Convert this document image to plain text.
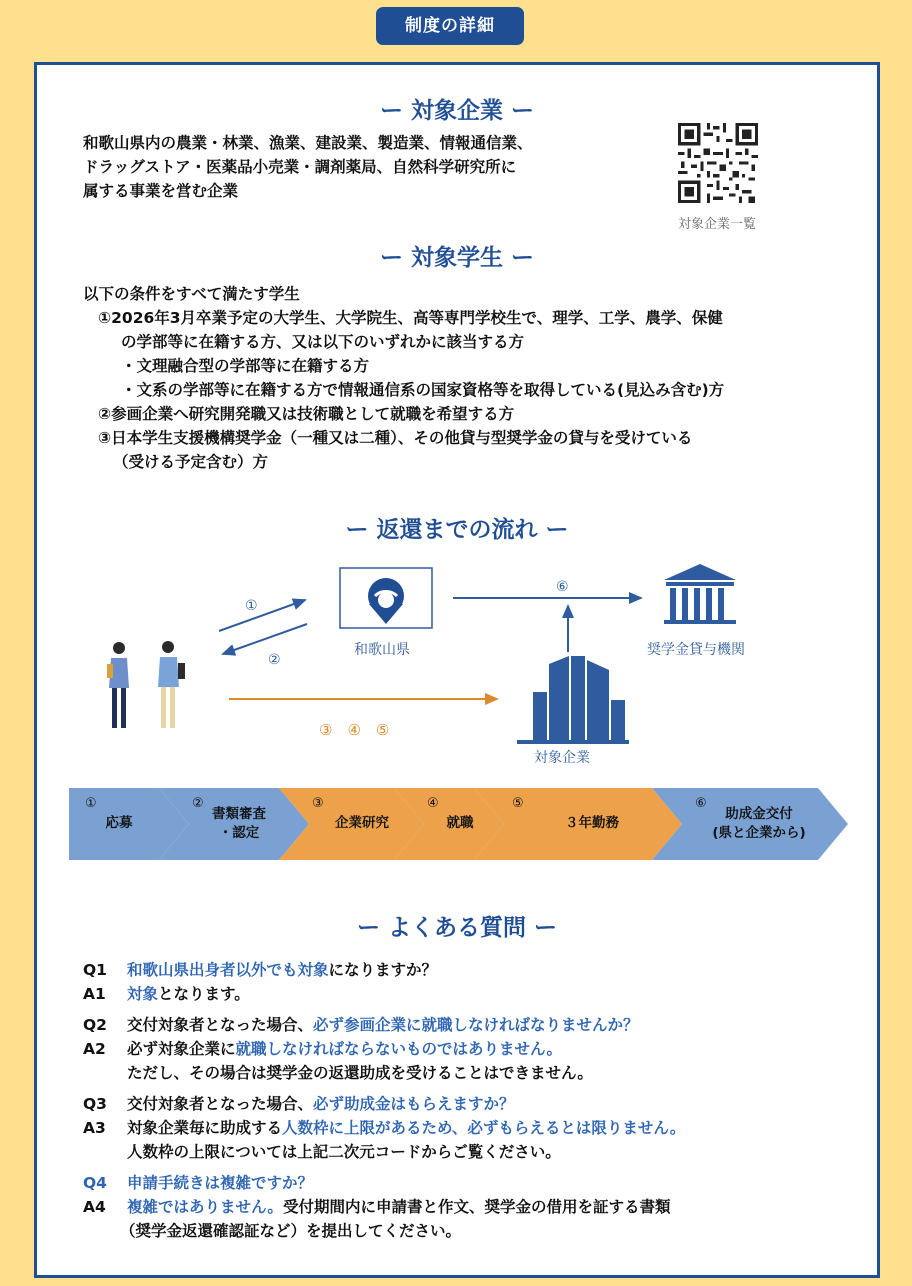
制度の詳細
ー 対象企業 ー
和歌山県内の農業・林業、漁業、建設業、製造業、情報通信業、
ドラッグストア・医薬品小売業・調剤薬局、自然科学研究所に
属する事業を営む企業
対象企業一覧
ー 対象学生 ー
以下の条件をすべて満たす学生
①2026年3月卒業予定の大学生、大学院生、高等専門学校生で、理学、工学、農学、保健
の学部等に在籍する方、又は以下のいずれかに該当する方
・文理融合型の学部等に在籍する方
・文系の学部等に在籍する方で情報通信系の国家資格等を取得している(見込み含む)方
②参画企業へ研究開発職又は技術職として就職を希望する方
③日本学生支援機構奨学金（一種又は二種）、その他貸与型奨学金の貸与を受けている
（受ける予定含む）方
ー 返還までの流れ ー
①
②
⑥
③　④　⑤
和歌山県	奨学金貸与機関
対象企業
①
応募
②
書類審査
・認定
③
企業研究
④
就職
⑤
３年勤務
⑥
助成金交付
(県と企業から)
ー よくある質問 ー
Q1 和歌山県出身者以外でも対象になりますか？
A1 対象となります。
Q2 交付対象者となった場合、必ず参画企業に就職しなければなりませんか？
A2 必ず対象企業に就職しなければならないものではありません。
ただし、その場合は奨学金の返還助成を受けることはできません。
Q3 交付対象者となった場合、必ず助成金はもらえますか？
A3 対象企業毎に助成する人数枠に上限があるため、必ずもらえるとは限りません。
人数枠の上限については上記二次元コードからご覧ください。
Q4 申請手続きは複雑ですか？
A4 複雑ではありません。受付期間内に申請書と作文、奨学金の借用を証する書類
（奨学金返還確認証など）を提出してください。
